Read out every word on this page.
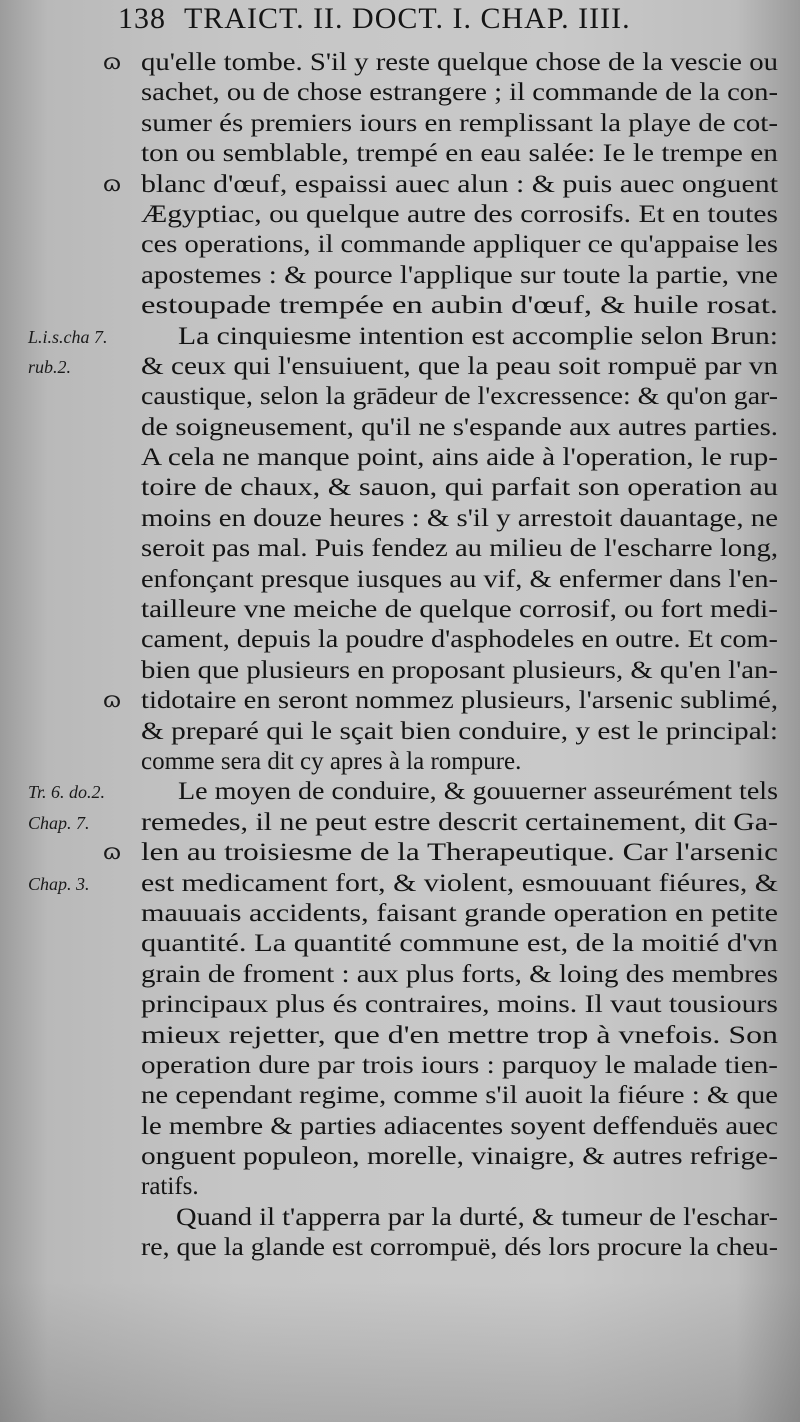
138 TRAICT. II. DOCT. I. CHAP. IIII.
ɷ qu'elle tombe. S'il y reste quelque chose de la vescie ou
sachet, ou de chose estrangere ; il commande de la con-
sumer és premiers iours en remplissant la playe de cot-
ton ou semblable, trempé en eau salée: Ie le trempe en
ɷ blanc d'œuf, espaissi auec alun : & puis auec onguent
Ægyptiac, ou quelque autre des corrosifs. Et en toutes
ces operations, il commande appliquer ce qu'appaise les
apostemes : & pource l'applique sur toute la partie, vne
estoupade trempée en aubin d'œuf, & huile rosat.
L.i.s.cha 7.	La cinquiesme intention est accomplie selon Brun:
rub.2.	& ceux qui l'ensuiuent, que la peau soit rompuë par vn
caustique, selon la grādeur de l'excressence: & qu'on gar-
de soigneusement, qu'il ne s'espande aux autres parties.
A cela ne manque point, ains aide à l'operation, le rup-
toire de chaux, & sauon, qui parfait son operation au
moins en douze heures : & s'il y arrestoit dauantage, ne
seroit pas mal. Puis fendez au milieu de l'escharre long,
enfonçant presque iusques au vif, & enfermer dans l'en-
tailleure vne meiche de quelque corrosif, ou fort medi-
cament, depuis la poudre d'asphodeles en outre. Et com-
bien que plusieurs en proposant plusieurs, & qu'en l'an-
ɷ tidotaire en seront nommez plusieurs, l'arsenic sublimé,
& preparé qui le sçait bien conduire, y est le principal:
comme sera dit cy apres à la rompure.
Tr. 6. do.2.	Le moyen de conduire, & gouuerner asseurément tels
Chap. 7. remedes, il ne peut estre descrit certainement, dit Ga-
ɷ len au troisiesme de la Therapeutique. Car l'arsenic
Chap. 3. est medicament fort, & violent, esmouuant fiéures, &
mauuais accidents, faisant grande operation en petite
quantité. La quantité commune est, de la moitié d'vn
grain de froment : aux plus forts, & loing des membres
principaux plus és contraires, moins. Il vaut tousiours
mieux rejetter, que d'en mettre trop à vnefois. Son
operation dure par trois iours : parquoy le malade tien-
ne cependant regime, comme s'il auoit la fiéure : & que
le membre & parties adiacentes soyent deffenduës auec
onguent populeon, morelle, vinaigre, & autres refrige-
ratifs.
Quand il t'apperra par la durté, & tumeur de l'eschar-
re, que la glande est corrompuë, dés lors procure la cheu-
